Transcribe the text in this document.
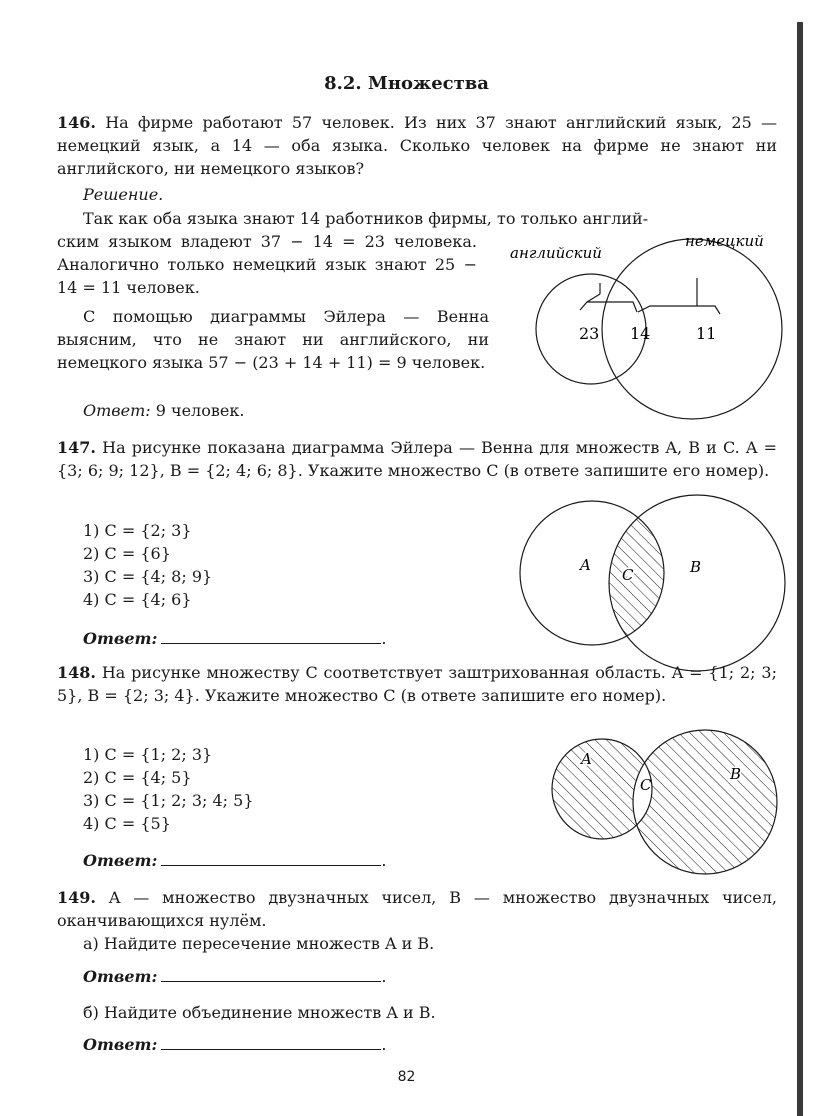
8.2. Множества
146. На фирме работают 57 человек. Из них 37 знают английский язык, 25 — немецкий язык, а 14 — оба языка. Сколько человек на фирме не знают ни английского, ни немецкого языков?
Решение.
Так как оба языка знают 14 работников фирмы, то только англий-
ским языком владеют 37 − 14 = 23 человека. Аналогично только немецкий язык знают 25 − 14 = 11 человек.
С помощью диаграммы Эйлера — Венна выясним, что не знают ни английского, ни немецкого языка 57 − (23 + 14 + 11) = 9 человек.
Ответ: 9 человек.
английский
немецкий
23 14	11
147. На рисунке показана диаграмма Эйлера — Венна для множеств A, B и C. A = {3; 6; 9; 12}, B = {2; 4; 6; 8}. Укажите множество C (в ответе запишите его номер).
1) C = {2; 3}
2) C = {6}
3) C = {4; 8; 9}
4) C = {4; 6}
Ответ:	.
A	B
C
148. На рисунке множеству C соответствует заштрихованная область. A = {1; 2; 3; 5}, B = {2; 3; 4}. Укажите множество C (в ответе запишите его номер).
1) C = {1; 2; 3}
2) C = {4; 5}
3) C = {1; 2; 3; 4; 5}
4) C = {5}
Ответ:	.
A
B
C
149. A — множество двузначных чисел, B — множество двузначных чисел, оканчивающихся нулём.
а) Найдите пересечение множеств A и B.
Ответ:	.
б) Найдите объединение множеств A и B.
Ответ:	.
82
